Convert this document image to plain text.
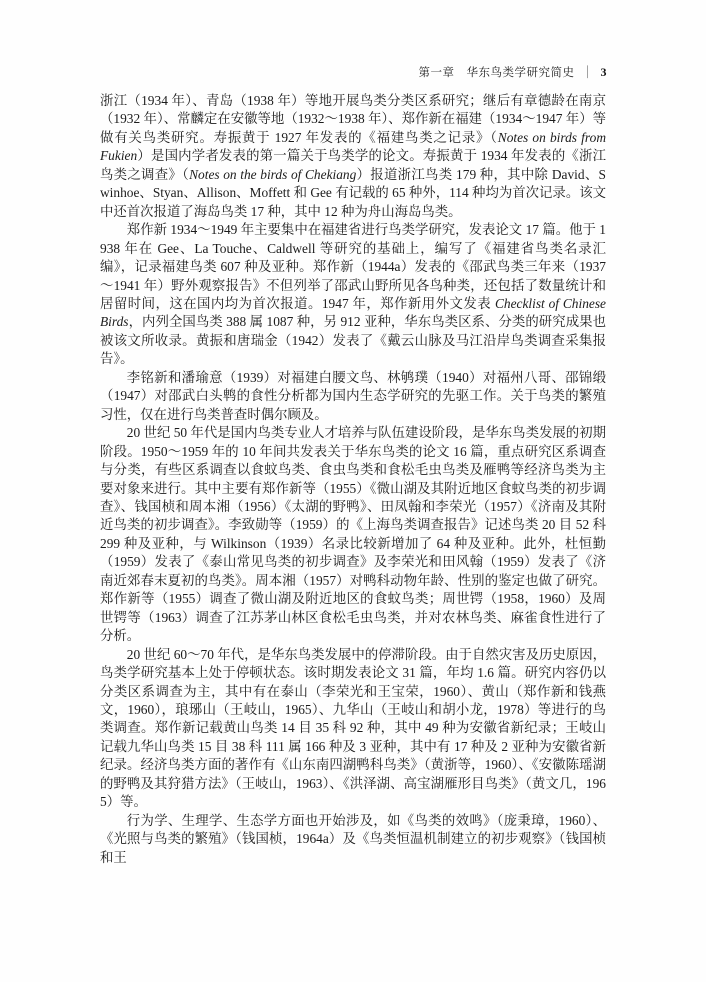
第一章　华东鸟类学研究简史 ｜ 3

浙江（1934 年）、青岛（1938 年）等地开展鸟类分类区系研究；继后有章德龄在南京（1932 年）、常麟定在安徽等地（1932～1938 年）、郑作新在福建（1934～1947 年）等做有关鸟类研究。寿振黄于 1927 年发表的《福建鸟类之记录》（Notes on birds from Fukien）是国内学者发表的第一篇关于鸟类学的论文。寿振黄于 1934 年发表的《浙江鸟类之调查》（Notes on the birds of Chekiang）报道浙江鸟类 179 种，其中除 David、Swinhoe、Styan、Allison、Moffett 和 Gee 有记载的 65 种外，114 种均为首次记录。该文中还首次报道了海岛鸟类 17 种，其中 12 种为舟山海岛鸟类。

郑作新 1934～1949 年主要集中在福建省进行鸟类学研究，发表论文 17 篇。他于 1938 年在 Gee、La Touche、Caldwell 等研究的基础上，编写了《福建省鸟类名录汇编》，记录福建鸟类 607 种及亚种。郑作新（1944a）发表的《邵武鸟类三年来（1937～1941 年）野外观察报告》不但列举了邵武山野所见各鸟种类，还包括了数量统计和居留时间，这在国内均为首次报道。1947 年，郑作新用外文发表 Checklist of Chinese Birds，内列全国鸟类 388 属 1087 种，另 912 亚种，华东鸟类区系、分类的研究成果也被该文所收录。黄振和唐瑞金（1942）发表了《戴云山脉及马江沿岸鸟类调查采集报告》。

李铭新和潘瑜意（1939）对福建白腰文鸟、林鸲璞（1940）对福州八哥、邵锦缎（1947）对邵武白头鹎的食性分析都为国内生态学研究的先驱工作。关于鸟类的繁殖习性，仅在进行鸟类普查时偶尔顾及。

20 世纪 50 年代是国内鸟类专业人才培养与队伍建设阶段，是华东鸟类发展的初期阶段。1950～1959 年的 10 年间共发表关于华东鸟类的论文 16 篇，重点研究区系调查与分类，有些区系调查以食蚊鸟类、食虫鸟类和食松毛虫鸟类及雁鸭等经济鸟类为主要对象来进行。其中主要有郑作新等（1955）《微山湖及其附近地区食蚊鸟类的初步调查》、钱国桢和周本湘（1956）《太湖的野鸭》、田凤翰和李荣光（1957）《济南及其附近鸟类的初步调查》。李致勋等（1959）的《上海鸟类调查报告》记述鸟类 20 目 52 科 299 种及亚种，与 Wilkinson（1939）名录比较新增加了 64 种及亚种。此外，杜恒勤（1959）发表了《泰山常见鸟类的初步调查》及李荣光和田风翰（1959）发表了《济南近郊春末夏初的鸟类》。周本湘（1957）对鸭科动物年龄、性别的鉴定也做了研究。郑作新等（1955）调查了微山湖及附近地区的食蚊鸟类；周世锷（1958，1960）及周世锷等（1963）调查了江苏茅山林区食松毛虫鸟类，并对农林鸟类、麻雀食性进行了分析。

20 世纪 60～70 年代，是华东鸟类发展中的停滞阶段。由于自然灾害及历史原因，鸟类学研究基本上处于停顿状态。该时期发表论文 31 篇，年均 1.6 篇。研究内容仍以分类区系调查为主，其中有在泰山（李荣光和王宝荣，1960）、黄山（郑作新和钱燕文，1960），琅琊山（王岐山，1965）、九华山（王岐山和胡小龙，1978）等进行的鸟类调查。郑作新记载黄山鸟类 14 目 35 科 92 种，其中 49 种为安徽省新纪录；王岐山记载九华山鸟类 15 目 38 科 111 属 166 种及 3 亚种，其中有 17 种及 2 亚种为安徽省新纪录。经济鸟类方面的著作有《山东南四湖鸭科鸟类》（黄浙等，1960）、《安徽陈瑶湖的野鸭及其狩猎方法》（王岐山，1963）、《洪泽湖、高宝湖雁形目鸟类》（黄文几，1965）等。

行为学、生理学、生态学方面也开始涉及，如《鸟类的效鸣》（庞秉璋，1960）、《光照与鸟类的繁殖》（钱国桢，1964a）及《鸟类恒温机制建立的初步观察》（钱国桢和王
